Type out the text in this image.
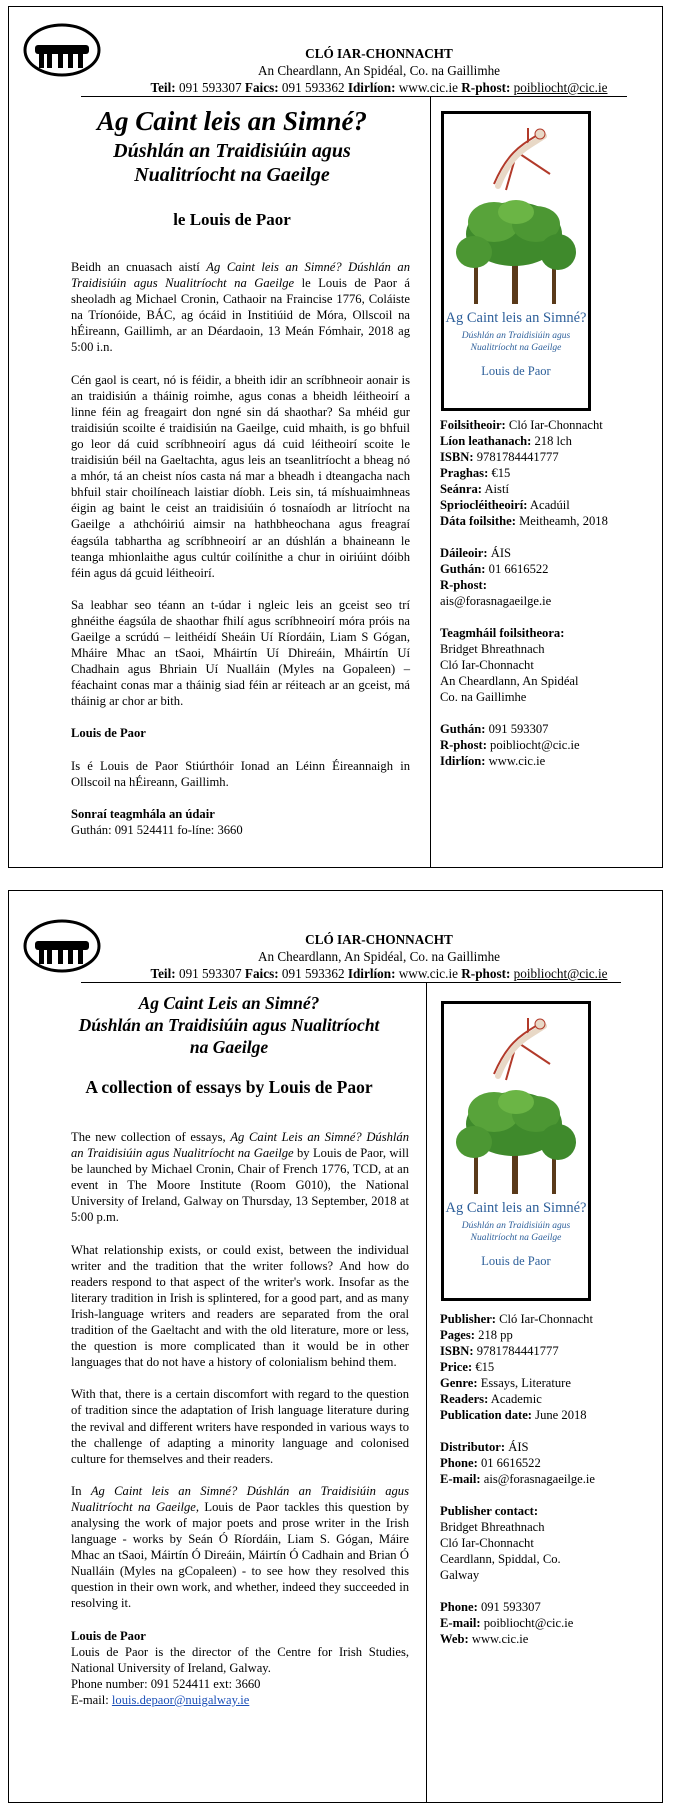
CLÓ IAR-CHONNACHT
An Cheardlann, An Spidéal, Co. na Gaillimhe
Teil: 091 593307 Faics: 091 593362 Idirlíon: www.cic.ie R-phost: poibliocht@cic.ie
Ag Caint leis an Simné?
Dúshlán an Traidisiúin agus
Nualitríocht na Gaeilge
le Louis de Paor

Beidh an cnuasach aistí Ag Caint leis an Simné? Dúshlán an Traidisiúin agus Nualitríocht na Gaeilge le Louis de Paor á sheoladh ag Michael Cronin, Cathaoir na Fraincise 1776, Coláiste na Tríonóide, BÁC, ag ócáid in Institiúid de Móra, Ollscoil na hÉireann, Gaillimh, ar an Déardaoin, 13 Meán Fómhair, 2018 ag 5:00 i.n.

Cén gaol is ceart, nó is féidir, a bheith idir an scríbhneoir aonair is an traidisiún a tháinig roimhe, agus conas a bheidh léitheoirí a linne féin ag freagairt don ngné sin dá shaothar? Sa mhéid gur traidisiún scoilte é traidisiún na Gaeilge, cuid mhaith, is go bhfuil go leor dá cuid scríbhneoirí agus dá cuid léitheoirí scoite le traidisiún béil na Gaeltachta, agus leis an tseanlitríocht a bheag nó a mhór, tá an cheist níos casta ná mar a bheadh i dteangacha nach bhfuil stair choilíneach laistiar díobh. Leis sin, tá míshuaimhneas éigin ag baint le ceist an traidisiúin ó tosnaíodh ar litríocht na Gaeilge a athchóiriú aimsir na hathbheochana agus freagraí éagsúla tabhartha ag scríbhneoirí ar an dúshlán a bhaineann le teanga mhionlaithe agus cultúr coilínithe a chur in oiriúint dóibh féin agus dá gcuid léitheoirí.

Sa leabhar seo téann an t-údar i ngleic leis an gceist seo trí ghnéithe éagsúla de shaothar fhilí agus scríbhneoirí móra próis na Gaeilge a scrúdú – leithéidí Sheáin Uí Ríordáin, Liam S Gógan, Mháire Mhac an tSaoi, Mháirtín Uí Dhireáin, Mháirtín Uí Chadhain agus Bhriain Uí Nualláin (Myles na Gopaleen) – féachaint conas mar a tháinig siad féin ar réiteach ar an gceist, má tháinig ar chor ar bith.

Louis de Paor

Is é Louis de Paor Stiúrthóir Ionad an Léinn Éireannaigh in Ollscoil na hÉireann, Gaillimh.

Sonraí teagmhála an údair
Guthán: 091 524411 fo-líne: 3660
Ag Caint leis an Simné?
Dúshlán an Traidisiúin agus
Nualitríocht na Gaeilge
Louis de Paor
Foilsitheoir: Cló Iar-Chonnacht
Líon leathanach: 218 lch
ISBN: 9781784441777
Praghas: €15
Seánra: Aistí
Spriocléitheoirí: Acadúil
Dáta foilsithe: Meitheamh, 2018
Dáileoir: ÁIS
Guthán: 01 6616522
R-phost:
ais@forasnagaeilge.ie
Teagmháil foilsitheora:
Bridget Bhreathnach
Cló Iar-Chonnacht
An Cheardlann, An Spidéal
Co. na Gaillimhe
Guthán: 091 593307
R-phost: poibliocht@cic.ie
Idirlíon: www.cic.ie
CLÓ IAR-CHONNACHT
An Cheardlann, An Spidéal, Co. na Gaillimhe
Teil: 091 593307 Faics: 091 593362 Idirlíon: www.cic.ie R-phost: poibliocht@cic.ie
Ag Caint Leis an Simné?
Dúshlán an Traidisiúin agus Nualitríocht
na Gaeilge
A collection of essays by Louis de Paor

The new collection of essays, Ag Caint Leis an Simné? Dúshlán an Traidisiúin agus Nualitríocht na Gaeilge by Louis de Paor, will be launched by Michael Cronin, Chair of French 1776, TCD, at an event in The Moore Institute (Room G010), the National University of Ireland, Galway on Thursday, 13 September, 2018 at 5:00 p.m.

What relationship exists, or could exist, between the individual writer and the tradition that the writer follows? And how do readers respond to that aspect of the writer's work. Insofar as the literary tradition in Irish is splintered, for a good part, and as many Irish-language writers and readers are separated from the oral tradition of the Gaeltacht and with the old literature, more or less, the question is more complicated than it would be in other languages that do not have a history of colonialism behind them.

With that, there is a certain discomfort with regard to the question of tradition since the adaptation of Irish language literature during the revival and different writers have responded in various ways to the challenge of adapting a minority language and colonised culture for themselves and their readers.

In Ag Caint leis an Simné? Dúshlán an Traidisiúin agus Nualitríocht na Gaeilge, Louis de Paor tackles this question by analysing the work of major poets and prose writer in the Irish language - works by Seán Ó Ríordáin, Liam S. Gógan, Máire Mhac an tSaoi, Máirtín Ó Direáin, Máirtín Ó Cadhain and Brian Ó Nualláin (Myles na gCopaleen) - to see how they resolved this question in their own work, and whether, indeed they succeeded in resolving it.

Louis de Paor
Louis de Paor is the director of the Centre for Irish Studies, National University of Ireland, Galway.
Phone number: 091 524411 ext: 3660
E-mail: louis.depaor@nuigalway.ie
Ag Caint leis an Simné?
Dúshlán an Traidisiúin agus
Nualitríocht na Gaeilge
Louis de Paor
Publisher: Cló Iar-Chonnacht
Pages: 218 pp
ISBN: 9781784441777
Price: €15
Genre: Essays, Literature
Readers: Academic
Publication date: June 2018
Distributor: ÁIS
Phone: 01 6616522
E-mail: ais@forasnagaeilge.ie
Publisher contact:
Bridget Bhreathnach
Cló Iar-Chonnacht
Ceardlann, Spiddal, Co.
Galway
Phone: 091 593307
E-mail: poibliocht@cic.ie
Web: www.cic.ie
